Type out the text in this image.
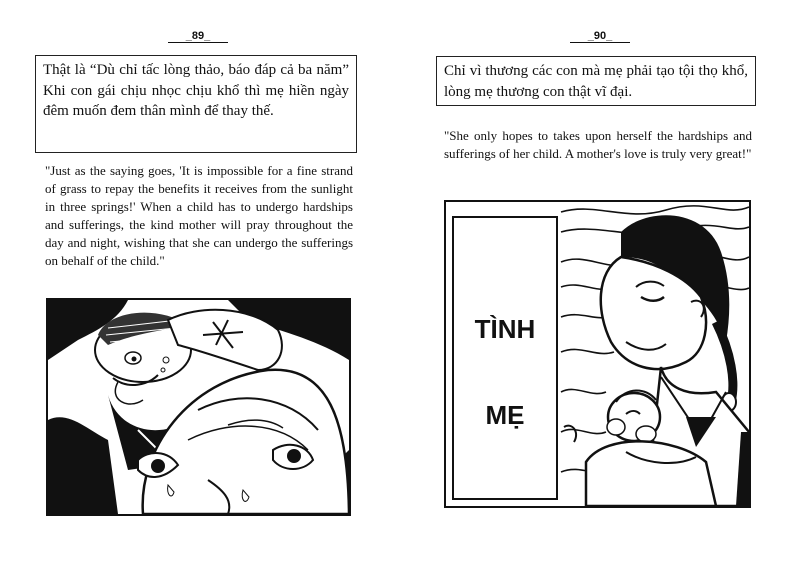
_89_
Thật là “Dù chỉ tấc lòng thảo, báo đáp cả ba năm” Khi con gái chịu nhọc chịu khổ thì mẹ hiền ngày đêm muốn đem thân mình để thay thế.
"Just as the saying goes, 'It is impossible for a fine strand of grass to repay the benefits it receives from the sunlight in three springs!' When a child has to undergo hardships and sufferings, the kind mother will pray throughout the day and night, wishing that she can undergo the sufferings on behalf of the child."
_90_
Chỉ vì thương các con mà mẹ phải tạo tội thọ khổ, lòng mẹ thương con thật vĩ đại.
"She only hopes to takes upon herself the hardships and sufferings of her child. A mother's love is truly very great!"
TÌNH
MẸ
